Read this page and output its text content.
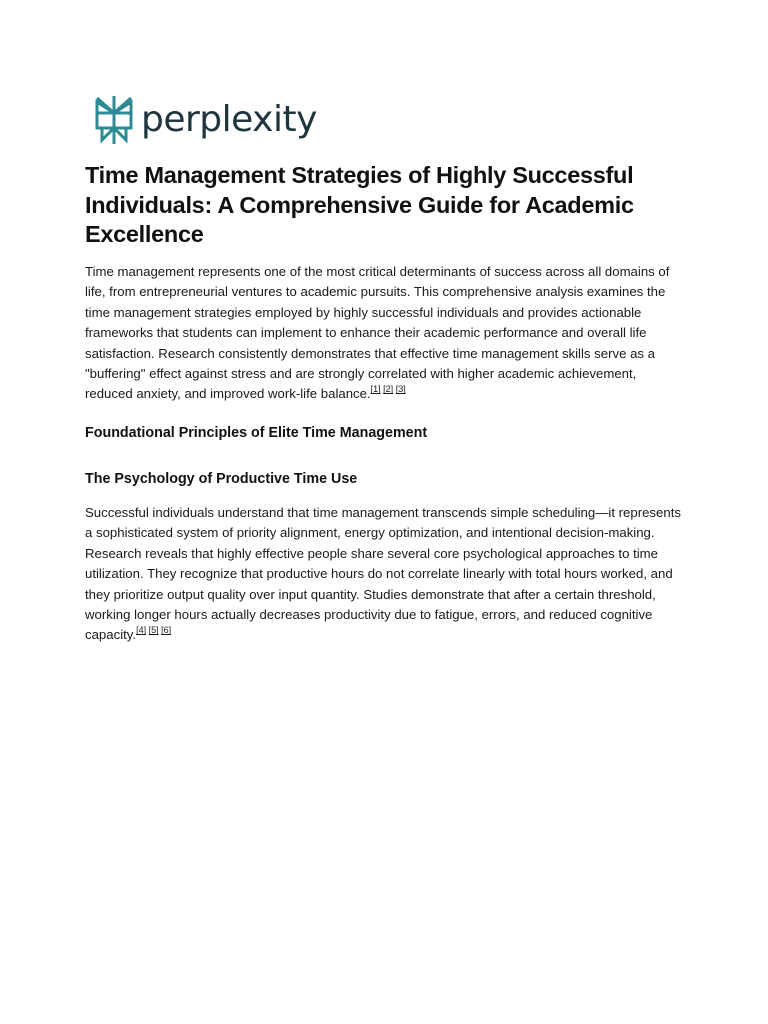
perplexity
Time Management Strategies of Highly Successful Individuals: A Comprehensive Guide for Academic Excellence

Time management represents one of the most critical determinants of success across all domains of life, from entrepreneurial ventures to academic pursuits. This comprehensive analysis examines the time management strategies employed by highly successful individuals and provides actionable frameworks that students can implement to enhance their academic performance and overall life satisfaction. Research consistently demonstrates that effective time management skills serve as a "buffering" effect against stress and are strongly correlated with higher academic achievement, reduced anxiety, and improved work-life balance.[1] [2] [3]

Foundational Principles of Elite Time Management
The Psychology of Productive Time Use

Successful individuals understand that time management transcends simple scheduling—it represents a sophisticated system of priority alignment, energy optimization, and intentional decision-making. Research reveals that highly effective people share several core psychological approaches to time utilization. They recognize that productive hours do not correlate linearly with total hours worked, and they prioritize output quality over input quantity. Studies demonstrate that after a certain threshold, working longer hours actually decreases productivity due to fatigue, errors, and reduced cognitive capacity.[4] [5] [6]
